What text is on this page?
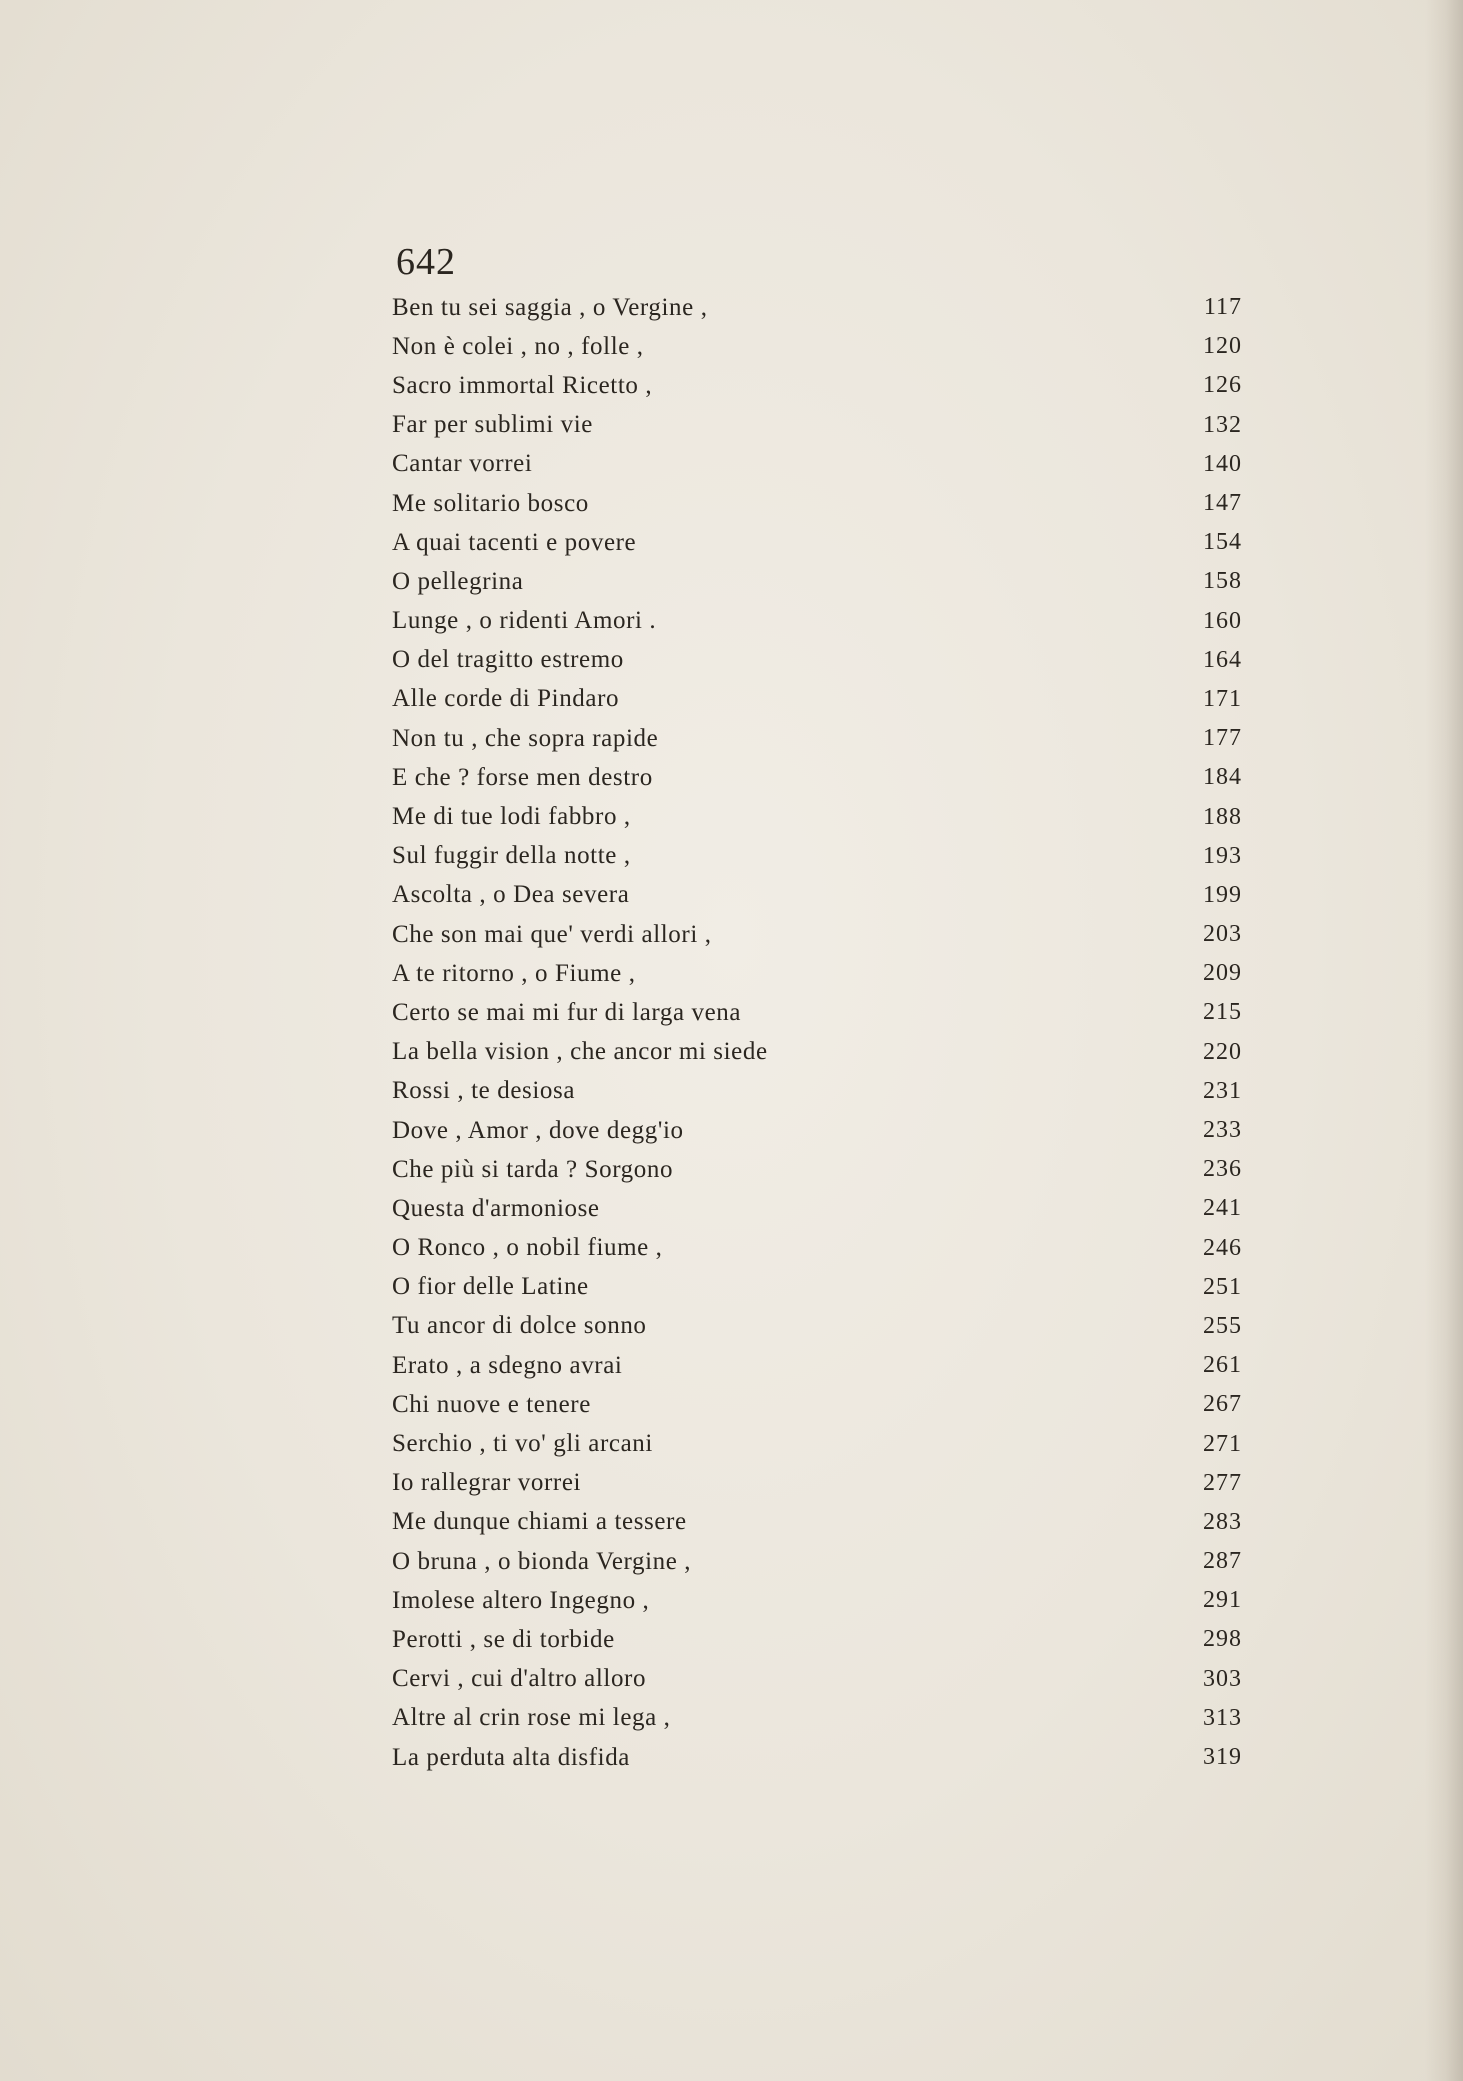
642
Ben tu sei saggia , o Vergine ,	117
Non è colei , no , folle ,	120
Sacro immortal Ricetto ,	126
Far per sublimi vie	132
Cantar vorrei	140
Me solitario bosco	147
A quai tacenti e povere	154
O pellegrina	158
Lunge , o ridenti Amori .	160
O del tragitto estremo	164
Alle corde di Pindaro	171
Non tu , che sopra rapide	177
E che ? forse men destro	184
Me di tue lodi fabbro ,	188
Sul fuggir della notte ,	193
Ascolta , o Dea severa	199
Che son mai que' verdi allori ,	203
A te ritorno , o Fiume ,	209
Certo se mai mi fur di larga vena	215
La bella vision , che ancor mi siede	220
Rossi , te desiosa	231
Dove , Amor , dove degg'io	233
Che più si tarda ? Sorgono	236
Questa d'armoniose	241
O Ronco , o nobil fiume ,	246
O fior delle Latine	251
Tu ancor di dolce sonno	255
Erato , a sdegno avrai	261
Chi nuove e tenere	267
Serchio , ti vo' gli arcani	271
Io rallegrar vorrei	277
Me dunque chiami a tessere	283
O bruna , o bionda Vergine ,	287
Imolese altero Ingegno ,	291
Perotti , se di torbide	298
Cervi , cui d'altro alloro	303
Altre al crin rose mi lega ,	313
La perduta alta disfida	319
